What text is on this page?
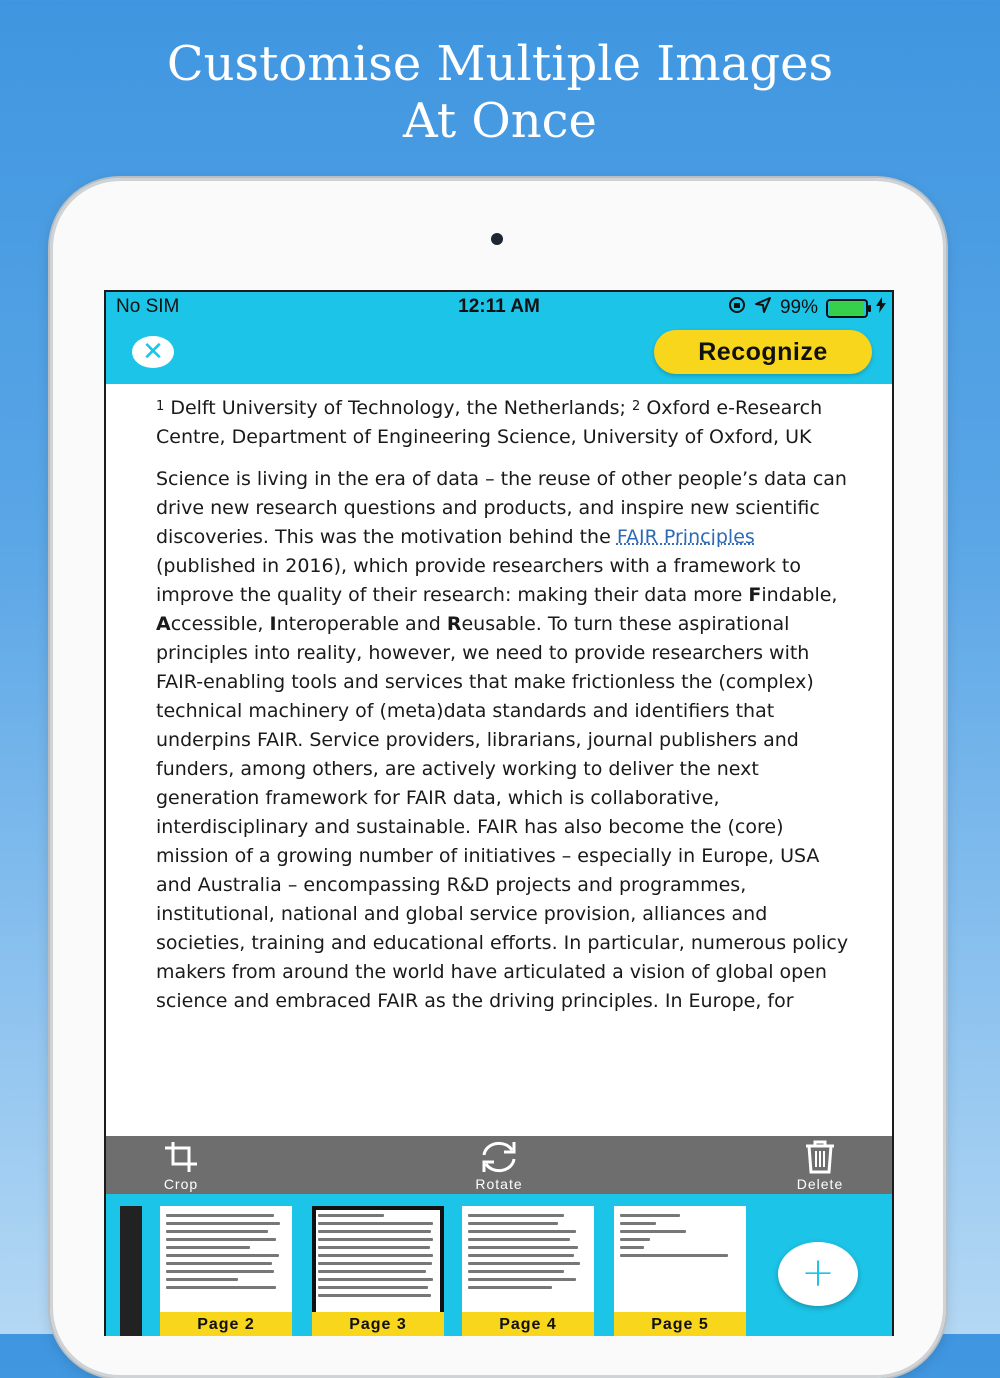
Customise Multiple Images
At Once
No SIM	12:11 AM	99%
✕	Recognize

$^1$ Delft University of Technology, the Netherlands; $^2$ Oxford e-Research Centre, Department of Engineering Science, University of Oxford, UK

Science is living in the era of data – the reuse of other people’s data can drive new research questions and products, and inspire new scientific discoveries. This was the motivation behind the FAIR Principles (published in 2016), which provide researchers with a framework to improve the quality of their research: making their data more Findable, Accessible, Interoperable and Reusable. To turn these aspirational principles into reality, however, we need to provide researchers with FAIR-enabling tools and services that make frictionless the (complex) technical machinery of (meta)data standards and identifiers that underpins FAIR. Service providers, librarians, journal publishers and funders, among others, are actively working to deliver the next generation framework for FAIR data, which is collaborative, interdisciplinary and sustainable. FAIR has also become the (core) mission of a growing number of initiatives – especially in Europe, USA and Australia – encompassing R&D projects and programmes, institutional, national and global service provision, alliances and societies, training and educational efforts. In particular, numerous policy makers from around the world have articulated a vision of global open science and embraced FAIR as the driving principles. In Europe, for

Crop	Rotate	Delete
Page 2	Page 3	Page 4	Page 5
+
